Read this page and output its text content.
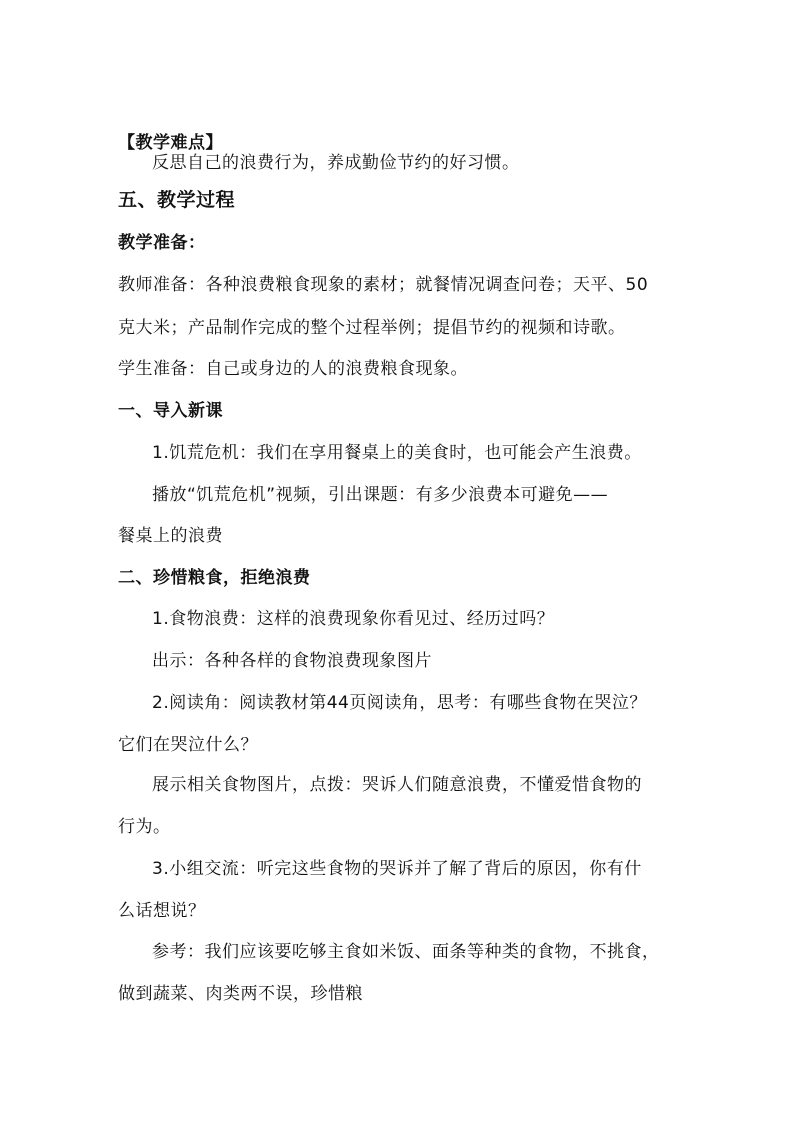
【教学难点】
反思自己的浪费行为，养成勤俭节约的好习惯。
五、教学过程
教学准备：
教师准备：各种浪费粮食现象的素材；就餐情况调查问卷；天平、50
克大米；产品制作完成的整个过程举例；提倡节约的视频和诗歌。
学生准备：自己或身边的人的浪费粮食现象。
一、导入新课
1.饥荒危机：我们在享用餐桌上的美食时，也可能会产生浪费。
播放“饥荒危机”视频，引出课题：有多少浪费本可避免——
餐桌上的浪费
二、珍惜粮食，拒绝浪费
1.食物浪费：这样的浪费现象你看见过、经历过吗？
出示：各种各样的食物浪费现象图片
2.阅读角：阅读教材第44页阅读角，思考：有哪些食物在哭泣？
它们在哭泣什么？
展示相关食物图片，点拨：哭诉人们随意浪费，不懂爱惜食物的
行为。
3.小组交流：听完这些食物的哭诉并了解了背后的原因，你有什
么话想说？
参考：我们应该要吃够主食如米饭、面条等种类的食物，不挑食，
做到蔬菜、肉类两不误，珍惜粮
